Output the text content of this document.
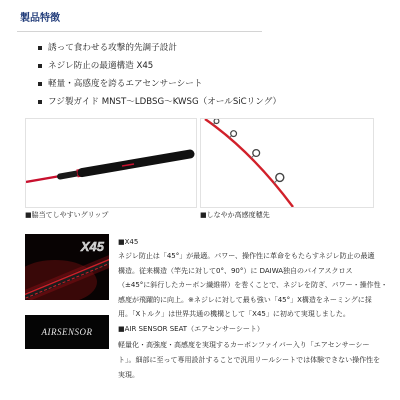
製品特徴
誘って食わせる攻撃的先調子設計
ネジレ防止の最適構造 X45
軽量・高感度を誇るエアセンサーシート
フジ製ガイド MNST～LDBSG～KWSG（オールSiCリング）
■脇当てしやすいグリップ	■しなやか高感度穂先
X45 ■X45
ネジレ防止は「45°」が最適。パワー、操作性に革命をもたらすネジレ防止の最適
構造。従来構造（竿先に対して0°、90°）に DAIWA独自のバイアスクロス
（±45°に斜行したカーボン繊維帯）を巻くことで、ネジレを防ぎ、パワー・操作性・
感度が飛躍的に向上。※ネジレに対して最も強い「45°」X構造をネーミングに採
用。「Xトルク」は世界共通の機構として「X45」に初めて実現しました。
AIRSENSOR	■AIR SENSOR SEAT（エアセンサーシート）
軽量化・高強度・高感度を実現するカーボンファイバー入り「エアセンサーシー
ト」。細部に至って専用設計することで汎用リールシートでは体験できない操作性を
実現。
